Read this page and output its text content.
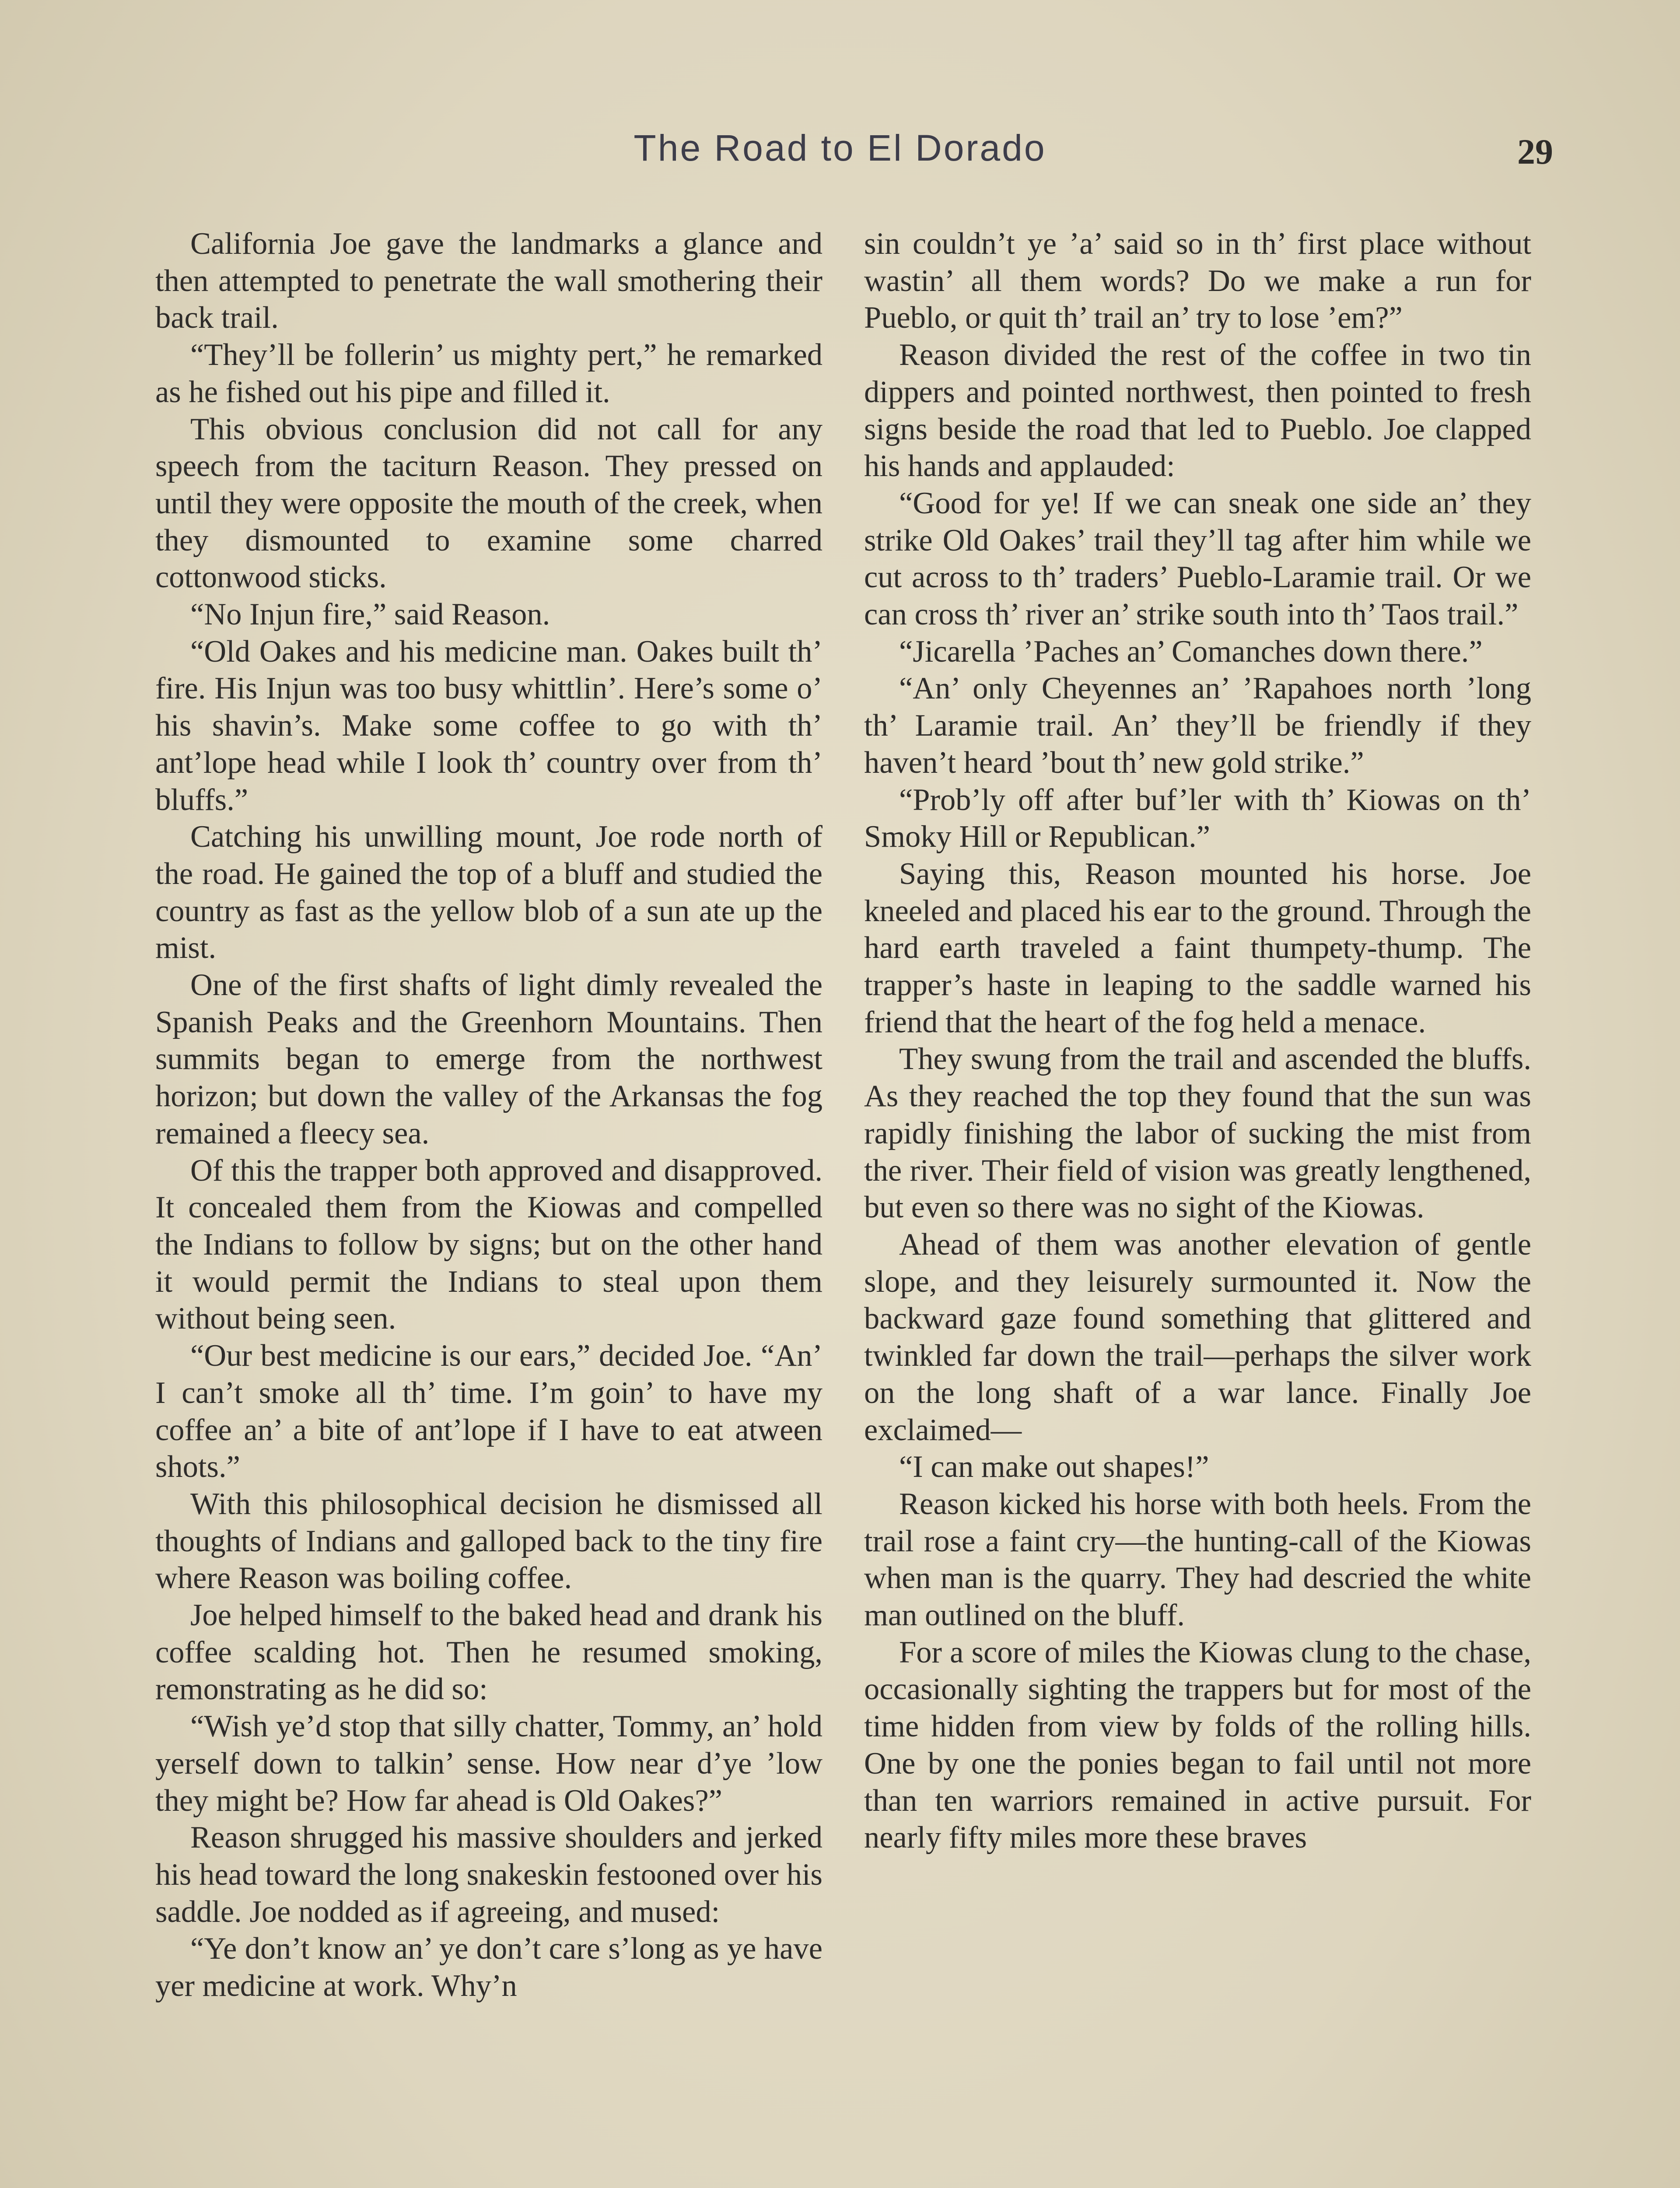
The Road to El Dorado	29

California Joe gave the landmarks a glance and then attempted to penetrate the wall smothering their back trail.

“They’ll be follerin’ us mighty pert,” he remarked as he fished out his pipe and filled it.

This obvious conclusion did not call for any speech from the taciturn Reason. They pressed on until they were opposite the mouth of the creek, when they dismounted to examine some charred cottonwood sticks.

“No Injun fire,” said Reason.

“Old Oakes and his medicine man. Oakes built th’ fire. His Injun was too busy whittlin’. Here’s some o’ his shavin’s. Make some coffee to go with th’ ant’lope head while I look th’ country over from th’ bluffs.”

Catching his unwilling mount, Joe rode north of the road. He gained the top of a bluff and studied the country as fast as the yellow blob of a sun ate up the mist.

One of the first shafts of light dimly revealed the Spanish Peaks and the Greenhorn Mountains. Then summits began to emerge from the northwest horizon; but down the valley of the Arkansas the fog remained a fleecy sea.

Of this the trapper both approved and disapproved. It concealed them from the Kiowas and compelled the Indians to follow by signs; but on the other hand it would permit the Indians to steal upon them without being seen.

“Our best medicine is our ears,” decided Joe. “An’ I can’t smoke all th’ time. I’m goin’ to have my coffee an’ a bite of ant’lope if I have to eat atween shots.”

With this philosophical decision he dismissed all thoughts of Indians and galloped back to the tiny fire where Reason was boiling coffee.

Joe helped himself to the baked head and drank his coffee scalding hot. Then he resumed smoking, remonstrating as he did so:

“Wish ye’d stop that silly chatter, Tommy, an’ hold yerself down to talkin’ sense. How near d’ye ’low they might be? How far ahead is Old Oakes?”

Reason shrugged his massive shoulders and jerked his head toward the long snakeskin festooned over his saddle. Joe nodded as if agreeing, and mused:

“Ye don’t know an’ ye don’t care s’long as ye have yer medicine at work. Why’n

sin couldn’t ye ’a’ said so in th’ first place without wastin’ all them words? Do we make a run for Pueblo, or quit th’ trail an’ try to lose ’em?”

Reason divided the rest of the coffee in two tin dippers and pointed northwest, then pointed to fresh signs beside the road that led to Pueblo. Joe clapped his hands and applauded:

“Good for ye! If we can sneak one side an’ they strike Old Oakes’ trail they’ll tag after him while we cut across to th’ traders’ Pueblo-Laramie trail. Or we can cross th’ river an’ strike south into th’ Taos trail.”

“Jicarella ’Paches an’ Comanches down there.”

“An’ only Cheyennes an’ ’Rapahoes north ’long th’ Laramie trail. An’ they’ll be friendly if they haven’t heard ’bout th’ new gold strike.”

“Prob’ly off after buf’ler with th’ Kiowas on th’ Smoky Hill or Republican.”

Saying this, Reason mounted his horse. Joe kneeled and placed his ear to the ground. Through the hard earth traveled a faint thumpety-thump. The trapper’s haste in leaping to the saddle warned his friend that the heart of the fog held a menace.

They swung from the trail and ascended the bluffs. As they reached the top they found that the sun was rapidly finishing the labor of sucking the mist from the river. Their field of vision was greatly lengthened, but even so there was no sight of the Kiowas.

Ahead of them was another elevation of gentle slope, and they leisurely surmounted it. Now the backward gaze found something that glittered and twinkled far down the trail—perhaps the silver work on the long shaft of a war lance. Finally Joe exclaimed—

“I can make out shapes!”

Reason kicked his horse with both heels. From the trail rose a faint cry—the hunting-call of the Kiowas when man is the quarry. They had descried the white man outlined on the bluff.

For a score of miles the Kiowas clung to the chase, occasionally sighting the trappers but for most of the time hidden from view by folds of the rolling hills. One by one the ponies began to fail until not more than ten warriors remained in active pursuit. For nearly fifty miles more these braves
